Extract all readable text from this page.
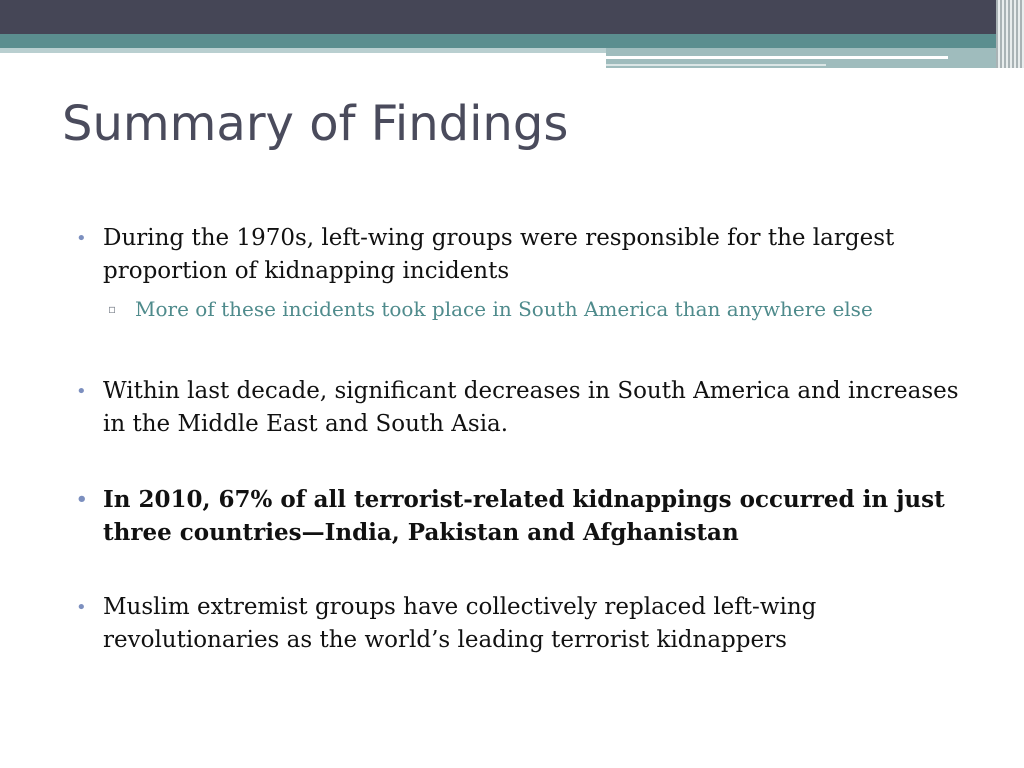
Summary of Findings
• During the 1970s, left-wing groups were responsible for the largest proportion of kidnapping incidents
▫ More of these incidents took place in South America than anywhere else
• Within last decade, significant decreases in South America and increases in the Middle East and South Asia.
• In 2010, 67% of all terrorist-related kidnappings occurred in just three countries—India, Pakistan and Afghanistan
• Muslim extremist groups have collectively replaced left-wing revolutionaries as the world’s leading terrorist kidnappers
